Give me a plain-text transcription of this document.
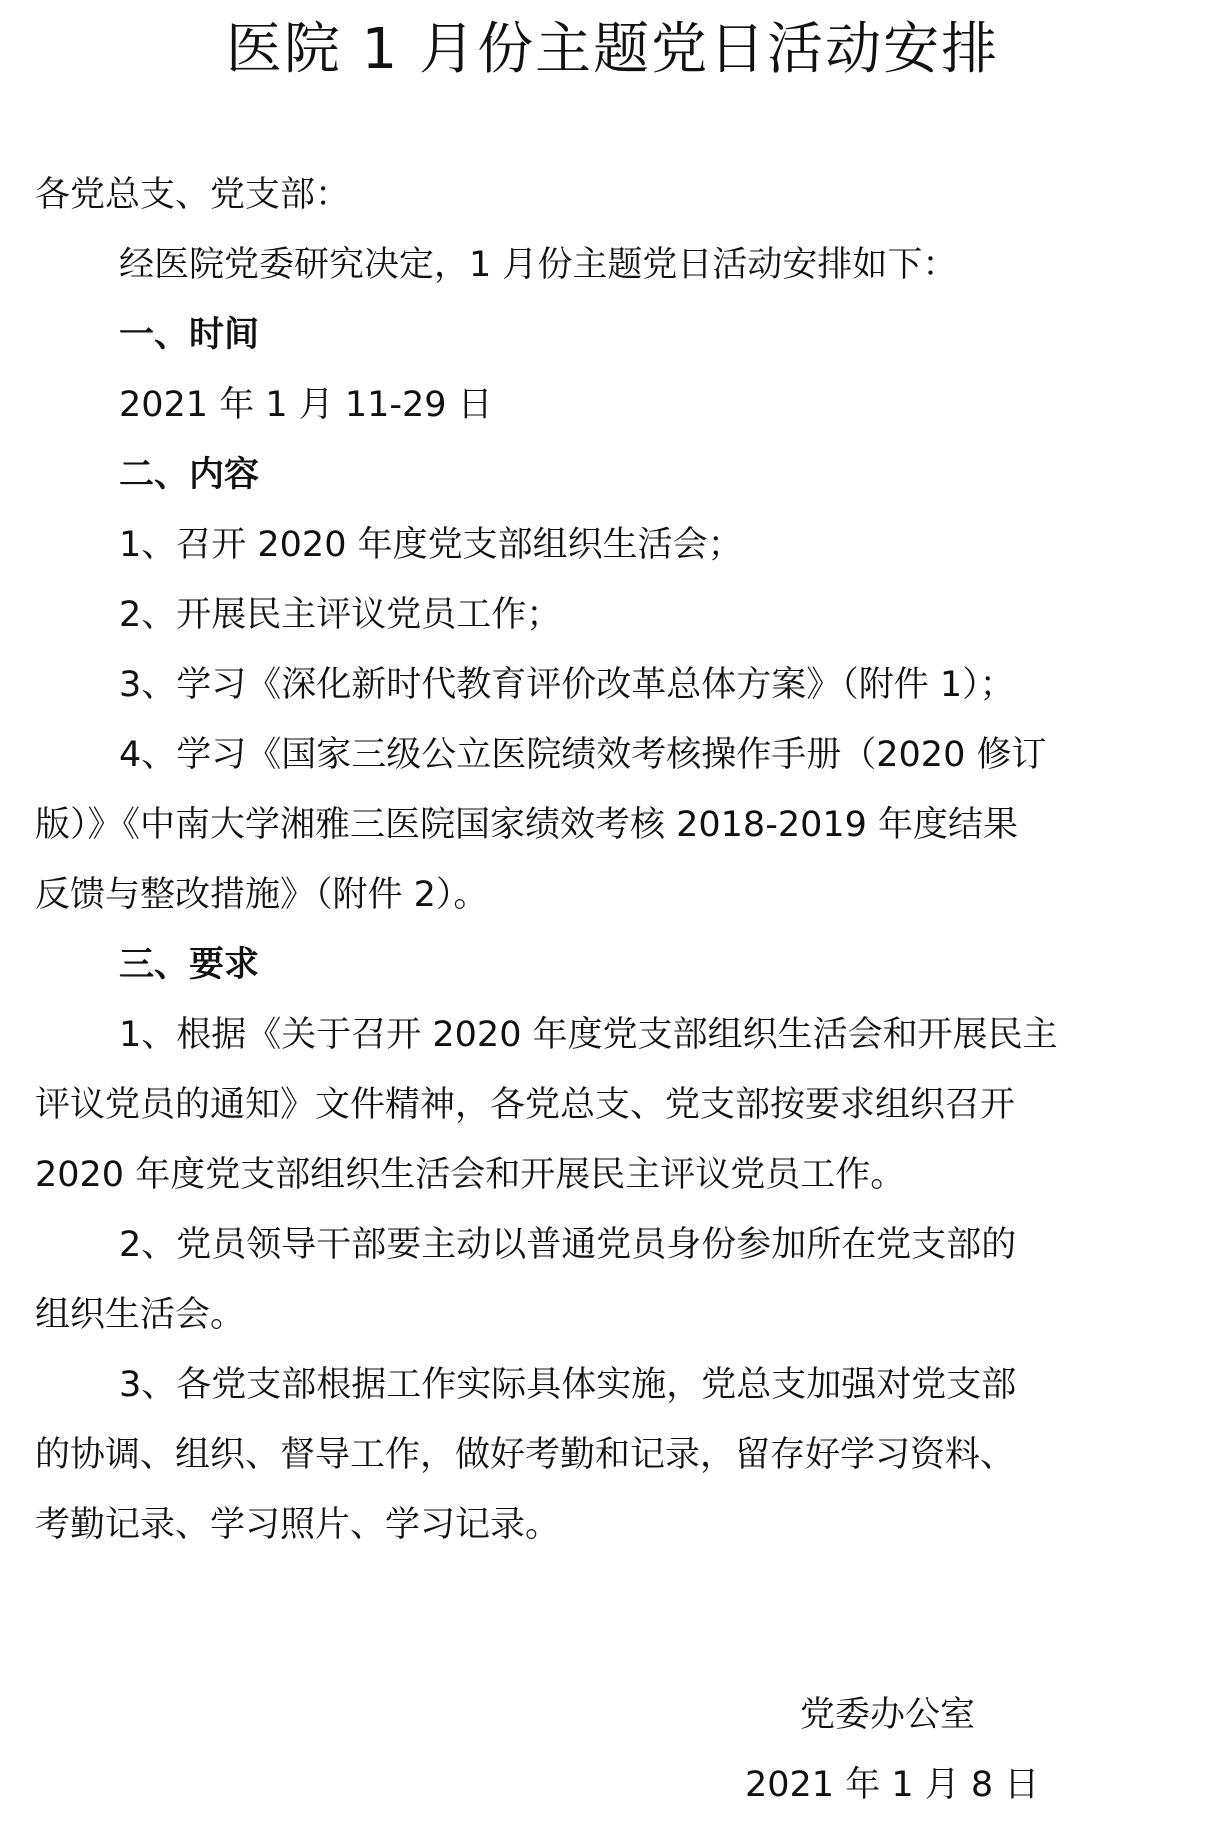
医院 1 月份主题党日活动安排
各党总支、党支部：
经医院党委研究决定，1 月份主题党日活动安排如下：
一、时间
2021 年 1 月 11-29 日
二、内容
1、召开 2020 年度党支部组织生活会；
2、开展民主评议党员工作；
3、学习《深化新时代教育评价改革总体方案》（附件 1）；
4、学习《国家三级公立医院绩效考核操作手册（2020 修订
版）》《中南大学湘雅三医院国家绩效考核 2018-2019 年度结果
反馈与整改措施》（附件 2）。
三、要求
1、根据《关于召开 2020 年度党支部组织生活会和开展民主
评议党员的通知》文件精神，各党总支、党支部按要求组织召开
2020 年度党支部组织生活会和开展民主评议党员工作。
2、党员领导干部要主动以普通党员身份参加所在党支部的
组织生活会。
3、各党支部根据工作实际具体实施，党总支加强对党支部
的协调、组织、督导工作，做好考勤和记录，留存好学习资料、
考勤记录、学习照片、学习记录。
党委办公室
2021 年 1 月 8 日
